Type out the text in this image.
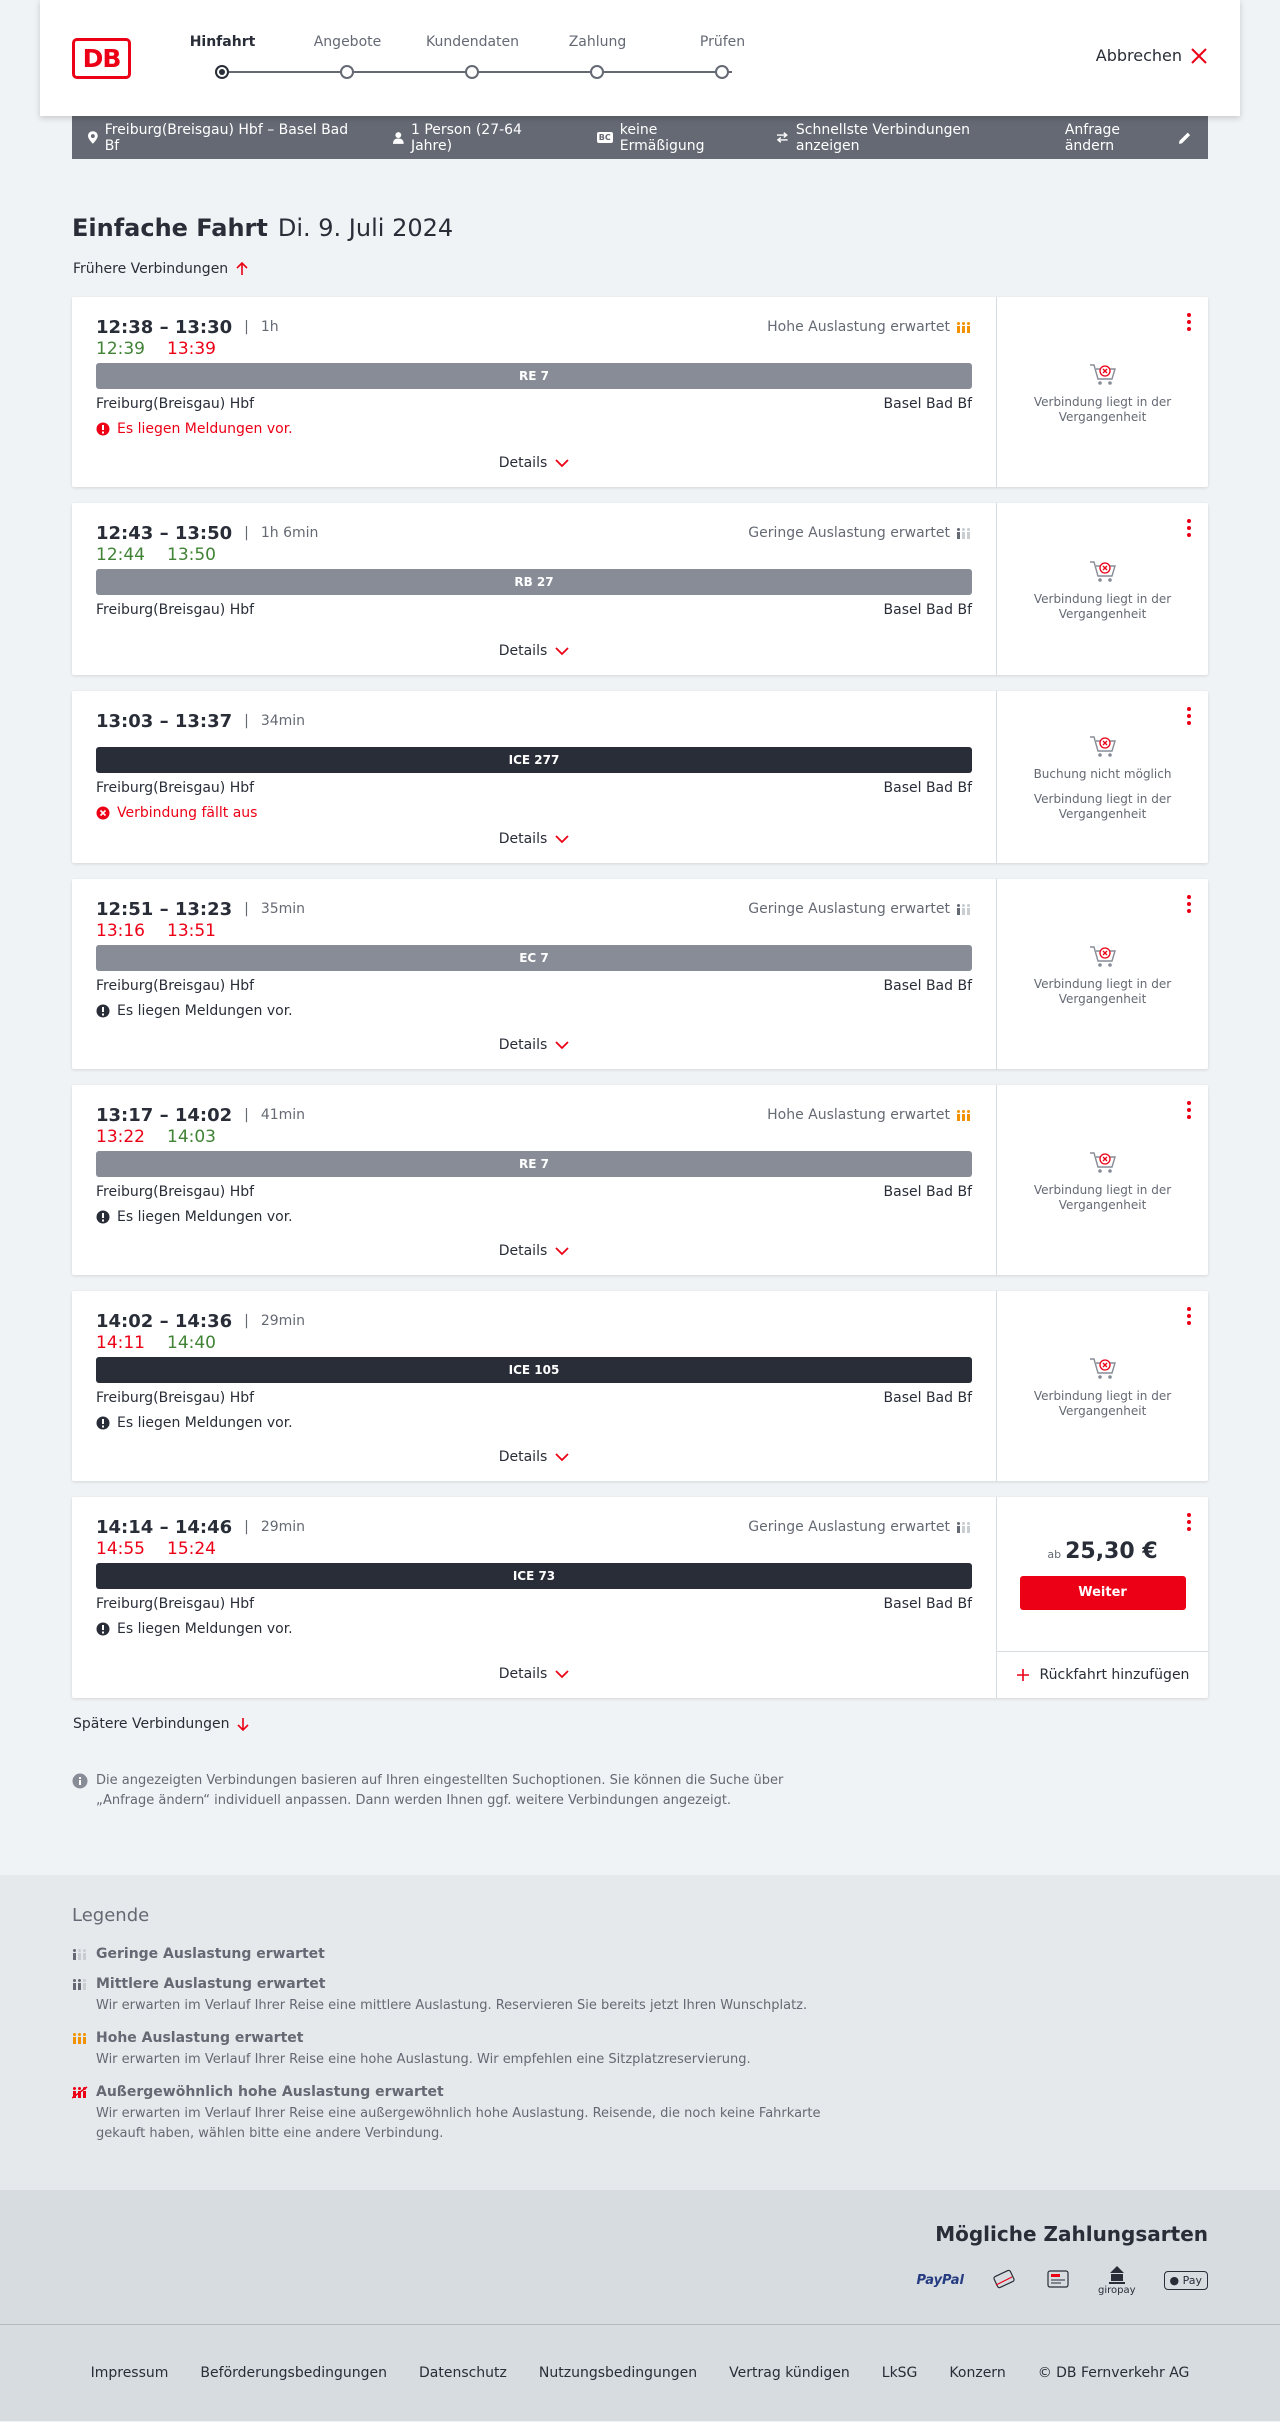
DB
Hinfahrt	Angebote	Kundendaten	Zahlung	Prüfen
Abbrechen
Freiburg(Breisgau) Hbf – Basel Bad Bf
1 Person (27-64 Jahre)	BC keine Ermäßigung
Schnellste Verbindungen anzeigen
Anfrage ändern
Einfache Fahrt Di. 9. Juli 2024
Frühere Verbindungen
12:38 – 13:30 | 1h	Hohe Auslastung erwartet
12:39 13:39
RE 7
Freiburg(Breisgau) Hbf	Basel Bad Bf
Es liegen Meldungen vor.
Details
Verbindung liegt in der Vergangenheit
12:43 – 13:50 | 1h 6min	Geringe Auslastung erwartet
12:44 13:50
RB 27
Freiburg(Breisgau) Hbf	Basel Bad Bf
Details
Verbindung liegt in der Vergangenheit
13:03 – 13:37 | 34min
ICE 277
Freiburg(Breisgau) Hbf	Basel Bad Bf
Verbindung fällt aus
Details
Buchung nicht möglich
Verbindung liegt in der Vergangenheit
12:51 – 13:23 | 35min	Geringe Auslastung erwartet
13:16 13:51
EC 7
Freiburg(Breisgau) Hbf	Basel Bad Bf
Es liegen Meldungen vor.
Details
Verbindung liegt in der Vergangenheit
13:17 – 14:02 | 41min	Hohe Auslastung erwartet
13:22 14:03
RE 7
Freiburg(Breisgau) Hbf	Basel Bad Bf
Es liegen Meldungen vor.
Details
Verbindung liegt in der Vergangenheit
14:02 – 14:36 | 29min
14:11 14:40
ICE 105
Freiburg(Breisgau) Hbf	Basel Bad Bf
Es liegen Meldungen vor.
Details
Verbindung liegt in der Vergangenheit
14:14 – 14:46 | 29min	Geringe Auslastung erwartet
14:55 15:24
ICE 73
Freiburg(Breisgau) Hbf	Basel Bad Bf
Es liegen Meldungen vor.
Details
ab 25,30 €
Weiter
Rückfahrt hinzufügen
Spätere Verbindungen
Die angezeigten Verbindungen basieren auf Ihren eingestellten Suchoptionen. Sie können die Suche über „Anfrage ändern“ individuell anpassen. Dann werden Ihnen ggf. weitere Verbindungen angezeigt.
Legende
Geringe Auslastung erwartet
Mittlere Auslastung erwartet
Wir erwarten im Verlauf Ihrer Reise eine mittlere Auslastung. Reservieren Sie bereits jetzt Ihren Wunschplatz.
Hohe Auslastung erwartet
Wir erwarten im Verlauf Ihrer Reise eine hohe Auslastung. Wir empfehlen eine Sitzplatzreservierung.
Außergewöhnlich hohe Auslastung erwartet
Wir erwarten im Verlauf Ihrer Reise eine außergewöhnlich hohe Auslastung. Reisende, die noch keine Fahrkarte gekauft haben, wählen bitte eine andere Verbindung.
Mögliche Zahlungsarten
PayPal
giropay
● Pay
Impressum Beförderungsbedingungen Datenschutz Nutzungsbedingungen Vertrag kündigen LkSG Konzern © DB Fernverkehr AG
